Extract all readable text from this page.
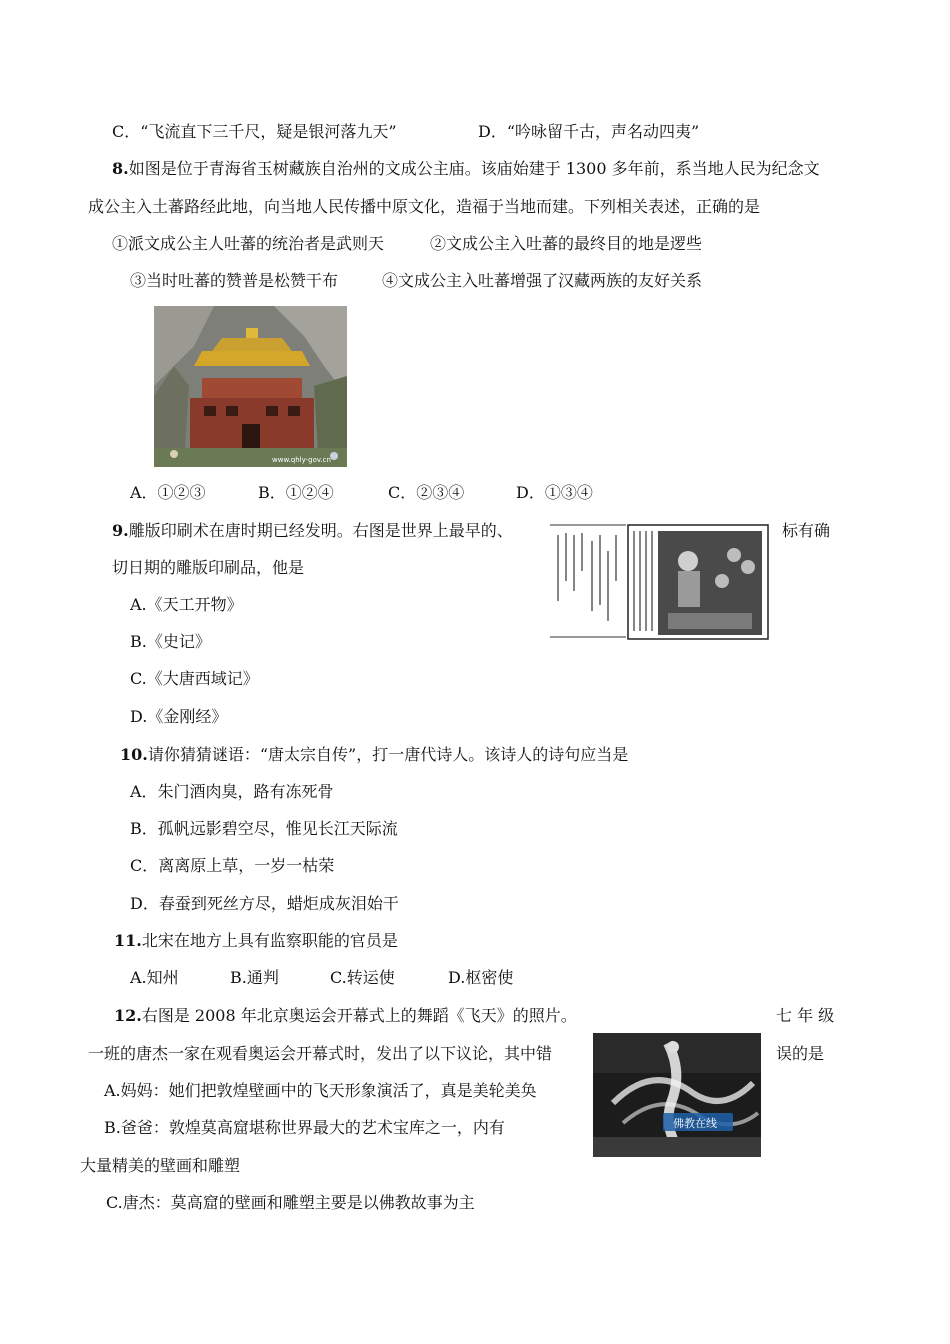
C．“飞流直下三千尺，疑是银河落九天”	D．“吟咏留千古，声名动四夷”
8.如图是位于青海省玉树藏族自治州的文成公主庙。该庙始建于 1300 多年前，系当地人民为纪念文
成公主入土蕃路经此地，向当地人民传播中原文化，造福于当地而建。下列相关表述，正确的是
①派文成公主人吐蕃的统治者是武则天	②文成公主入吐蕃的最终目的地是逻些
③当时吐蕃的赞普是松赞干布	④文成公主入吐蕃增强了汉藏两族的友好关系
www.qhly-gov.cn
A．①②③	B．①②④	C．②③④	D．①③④
9.雕版印刷术在唐时期已经发明。右图是世界上最早的、	标有确
切日期的雕版印刷品，他是
A.《天工开物》
B.《史记》
C.《大唐西域记》
D.《金刚经》
10.请你猜猜谜语：“唐太宗自传”，打一唐代诗人。该诗人的诗句应当是
A．朱门酒肉臭，路有冻死骨
B．孤帆远影碧空尽，惟见长江天际流
C．离离原上草，一岁一枯荣
D．春蚕到死丝方尽，蜡炬成灰泪始干
11.北宋在地方上具有监察职能的官员是
A.知州	B.通判	C.转运使	D.枢密使
12.右图是 2008 年北京奥运会开幕式上的舞蹈《飞天》的照片。	七 年 级
一班的唐杰一家在观看奥运会开幕式时，发出了以下议论，其中错	误的是
佛教在线
A.妈妈：她们把敦煌壁画中的飞天形象演活了，真是美轮美奂
B.爸爸：敦煌莫高窟堪称世界最大的艺术宝库之一，内有
大量精美的壁画和雕塑
C.唐杰：莫高窟的壁画和雕塑主要是以佛教故事为主
